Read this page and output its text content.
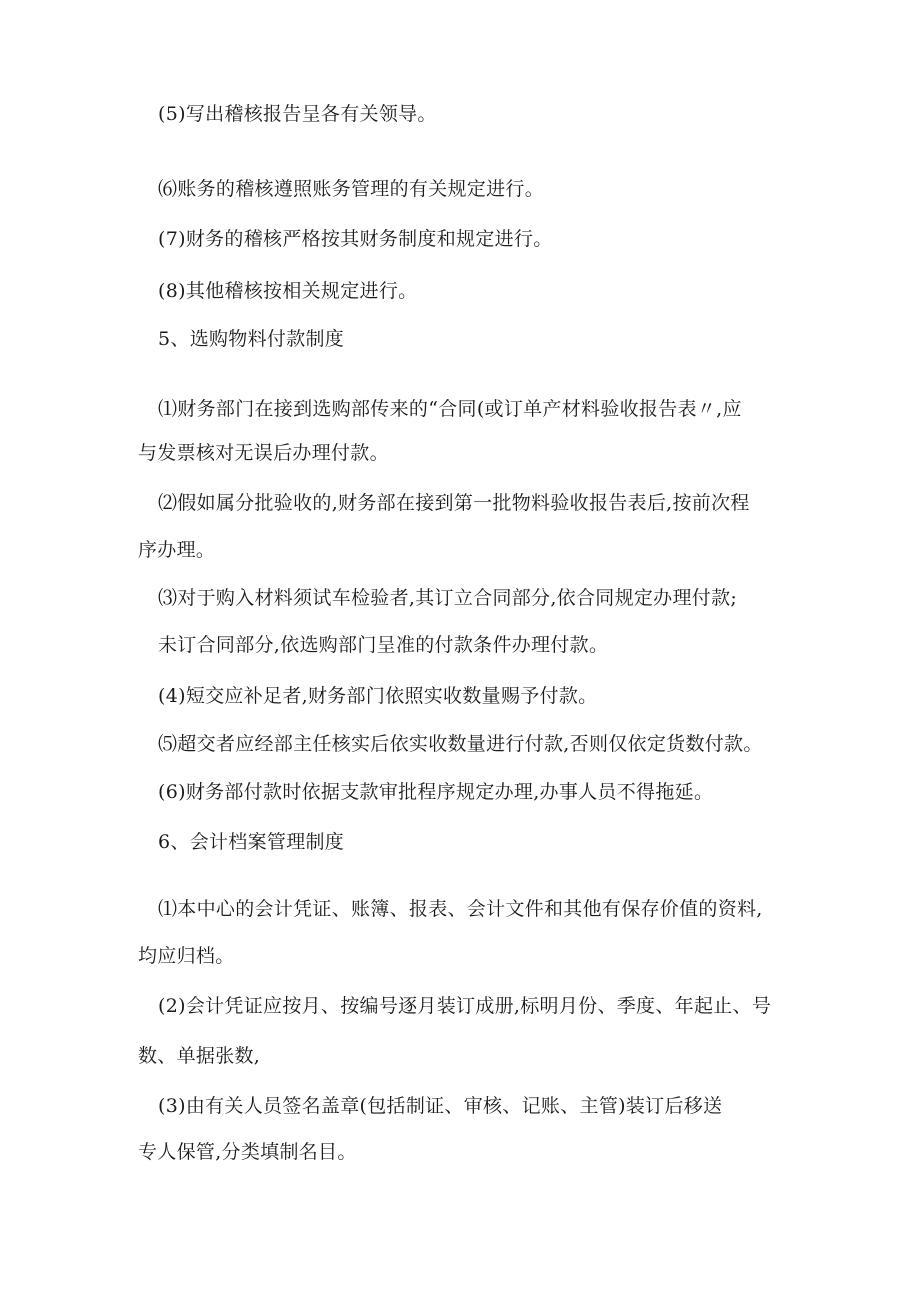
(5)写出稽核报告呈各有关领导。
⑹账务的稽核遵照账务管理的有关规定进行。
(7)财务的稽核严格按其财务制度和规定进行。
(8)其他稽核按相关规定进行。
5、选购物料付款制度
⑴财务部门在接到选购部传来的“合同(或订单产材料验收报告表〃,应
与发票核对无误后办理付款。
⑵假如属分批验收的,财务部在接到第一批物料验收报告表后,按前次程
序办理。
⑶对于购入材料须试车检验者,其订立合同部分,依合同规定办理付款;
未订合同部分,依选购部门呈准的付款条件办理付款。
(4)短交应补足者,财务部门依照实收数量赐予付款。
⑸超交者应经部主任核实后依实收数量进行付款,否则仅依定货数付款。
(6)财务部付款时依据支款审批程序规定办理,办事人员不得拖延。
6、会计档案管理制度
⑴本中心的会计凭证、账簿、报表、会计文件和其他有保存价值的资料,
均应归档。
(2)会计凭证应按月、按编号逐月装订成册,标明月份、季度、年起止、号
数、单据张数,
(3)由有关人员签名盖章(包括制证、审核、记账、主管)装订后移送
专人保管,分类填制名目。
